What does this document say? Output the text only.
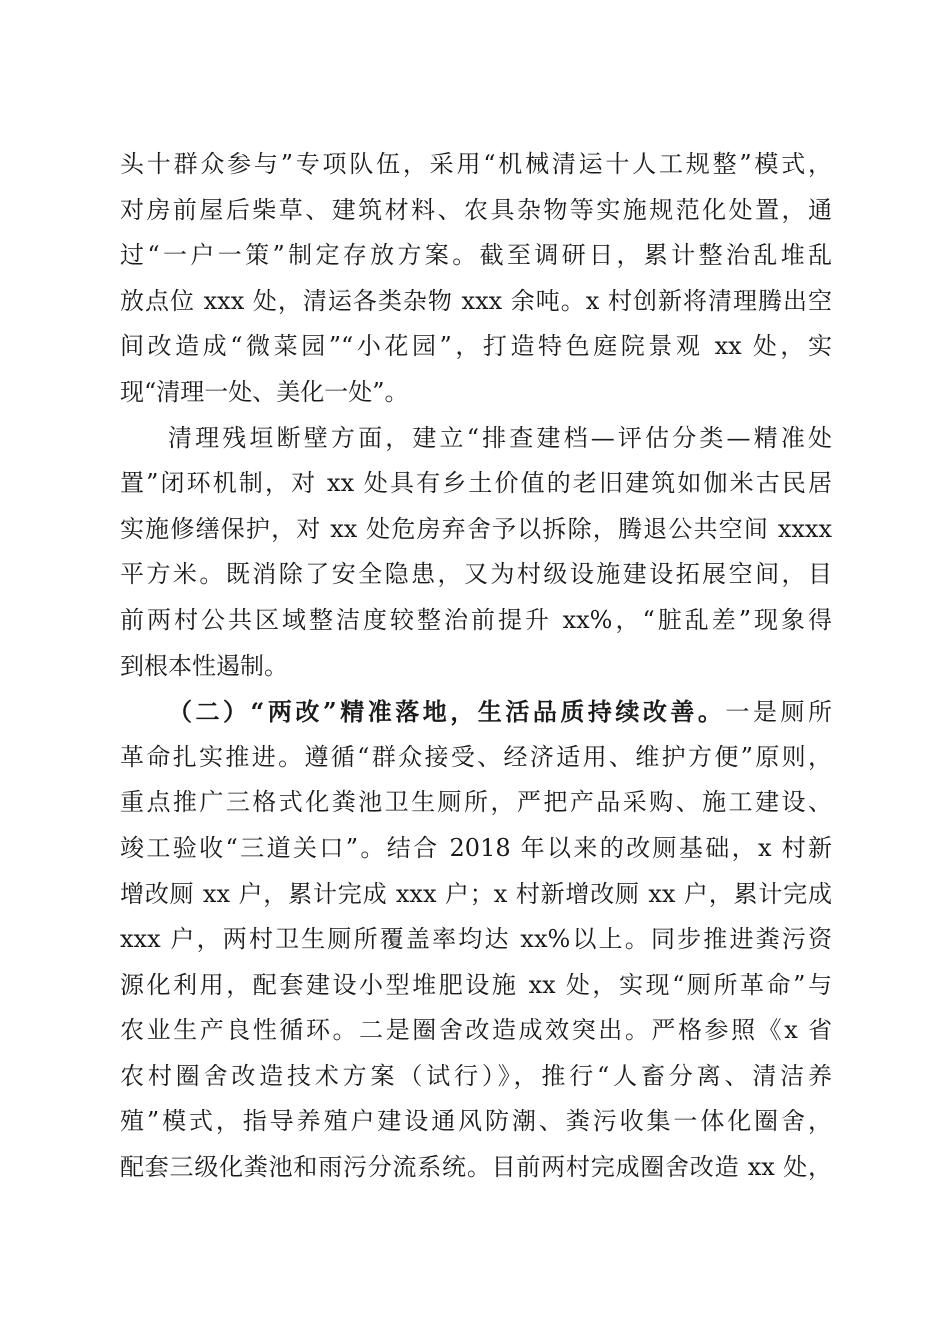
头十群众参与”专项队伍，采用“机械清运十人工规整”模式，
对房前屋后柴草、建筑材料、农具杂物等实施规范化处置，通
过“一户一策”制定存放方案。截至调研日，累计整治乱堆乱
放点位 xxx 处，清运各类杂物 xxx 余吨。x 村创新将清理腾出空
间改造成“微菜园”“小花园”，打造特色庭院景观 xx 处，实
现“清理一处、美化一处”。
清理残垣断壁方面，建立“排查建档—评估分类—精准处
置”闭环机制，对 xx 处具有乡土价值的老旧建筑如伽米古民居
实施修缮保护，对 xx 处危房弃舍予以拆除，腾退公共空间 xxxx
平方米。既消除了安全隐患，又为村级设施建设拓展空间，目
前两村公共区域整洁度较整治前提升 xx%，“脏乱差”现象得
到根本性遏制。
（二）“两改”精准落地，生活品质持续改善。一是厕所
革命扎实推进。遵循“群众接受、经济适用、维护方便”原则，
重点推广三格式化粪池卫生厕所，严把产品采购、施工建设、
竣工验收“三道关口”。结合 2018 年以来的改厕基础，x 村新
增改厕 xx 户，累计完成 xxx 户；x 村新增改厕 xx 户，累计完成
xxx 户，两村卫生厕所覆盖率均达 xx%以上。同步推进粪污资
源化利用，配套建设小型堆肥设施 xx 处，实现“厕所革命”与
农业生产良性循环。二是圈舍改造成效突出。严格参照《x 省
农村圈舍改造技术方案（试行）》，推行“人畜分离、清洁养
殖”模式，指导养殖户建设通风防潮、粪污收集一体化圈舍，
配套三级化粪池和雨污分流系统。目前两村完成圈舍改造 xx 处，
